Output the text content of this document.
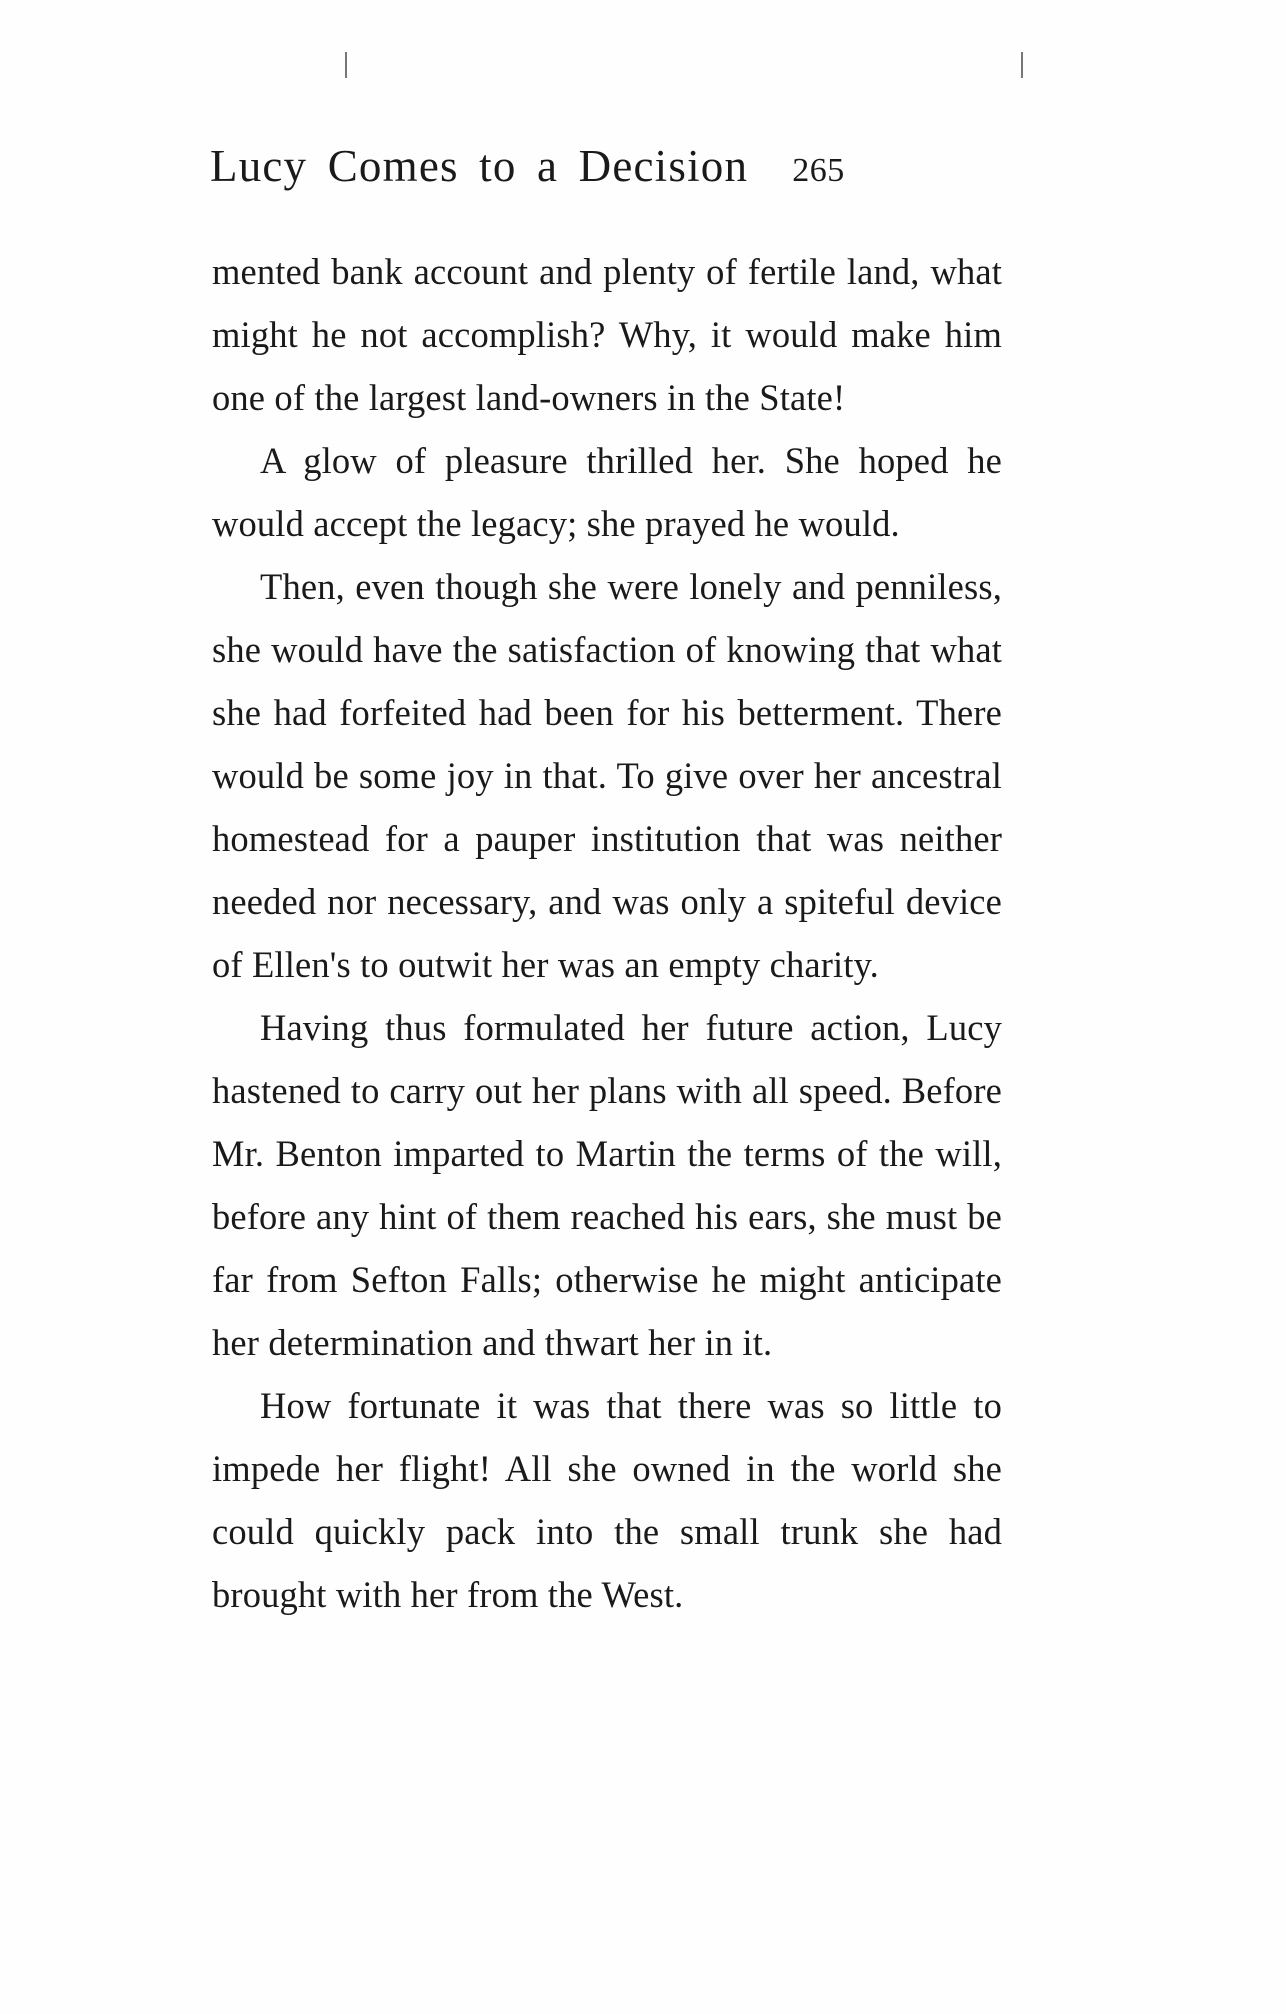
Lucy Comes to a Decision 265

mented bank account and plenty of fertile land, what might he not accomplish? Why, it would make him one of the largest land-owners in the State!

A glow of pleasure thrilled her. She hoped he would accept the legacy; she prayed he would.

Then, even though she were lonely and penniless, she would have the satisfaction of knowing that what she had forfeited had been for his betterment. There would be some joy in that. To give over her ancestral homestead for a pauper institution that was neither needed nor necessary, and was only a spiteful device of Ellen's to outwit her was an empty charity.

Having thus formulated her future action, Lucy hastened to carry out her plans with all speed. Before Mr. Benton imparted to Martin the terms of the will, before any hint of them reached his ears, she must be far from Sefton Falls; otherwise he might anticipate her determination and thwart her in it.

How fortunate it was that there was so little to impede her flight! All she owned in the world she could quickly pack into the small trunk she had brought with her from the West.
